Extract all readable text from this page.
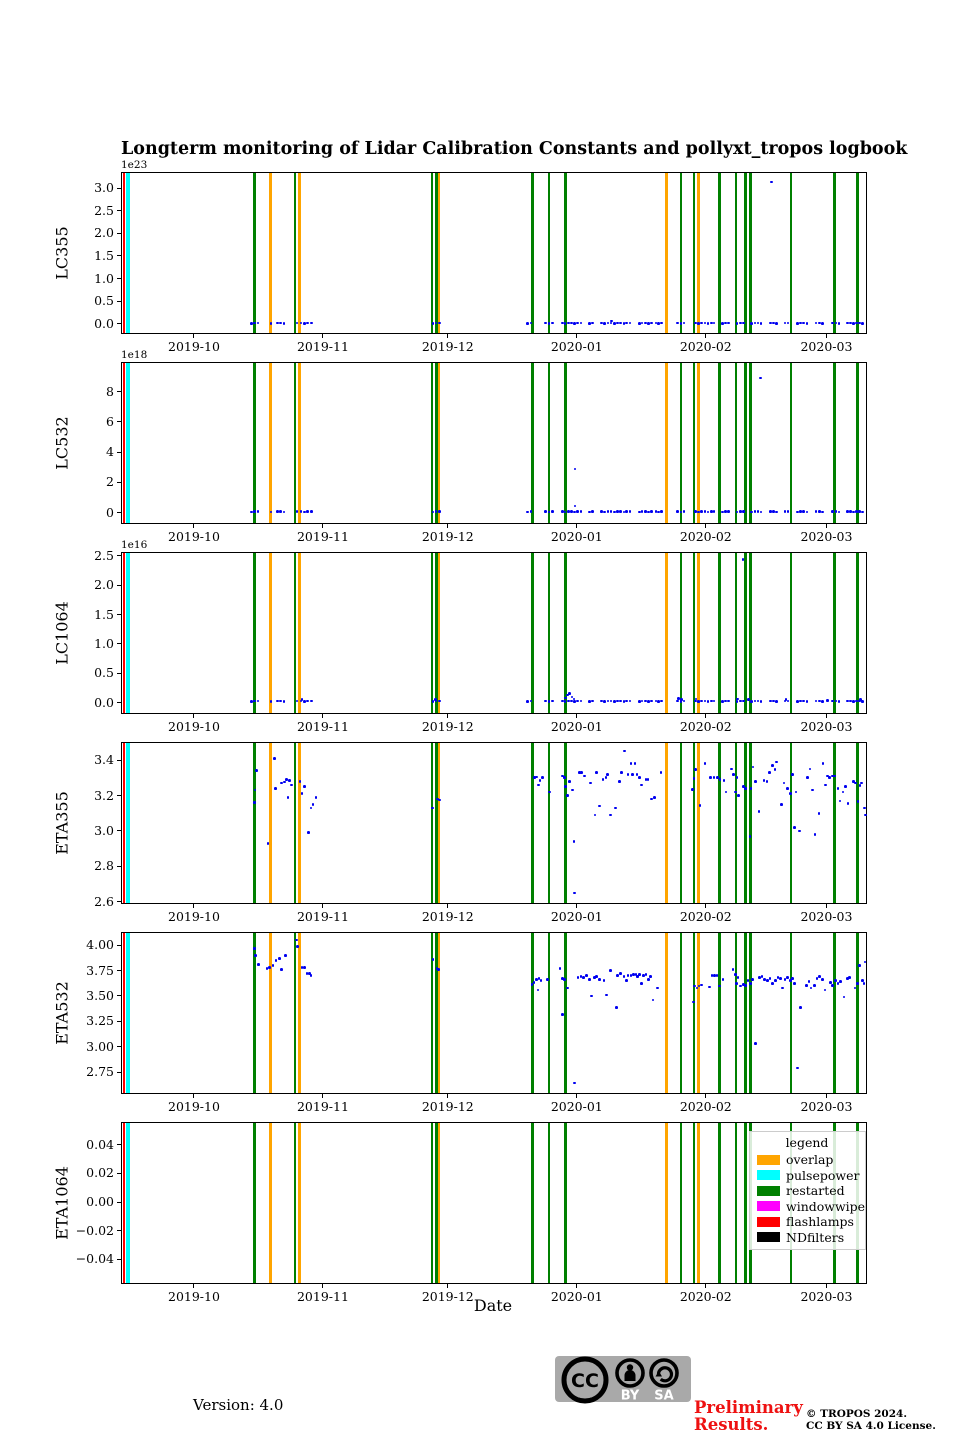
Longterm monitoring of Lidar Calibration Constants and pollyxt_tropos logbook
0.0
0.5
1.0
1.5
2.0
2.5
3.0
2019-10	2019-11	2019-12	2020-01	2020-02	2020-03
LC355
1e23
0
2
4
6
8
2019-10	2019-11	2019-12	2020-01	2020-02	2020-03
LC532
1e18
0.0
0.5
1.0
1.5
2.0
2.5
2019-10	2019-11	2019-12	2020-01	2020-02	2020-03
LC1064
1e16
2.6
2.8
3.0
3.2
3.4
2019-10	2019-11	2019-12	2020-01	2020-02	2020-03
ETA355
2.75
3.00
3.25
3.50
3.75
4.00
2019-10	2019-11	2019-12	2020-01	2020-02	2020-03
ETA532
−0.04
−0.02
0.00
0.02
0.04
2019-10	2019-11	2019-12	2020-01	2020-02	2020-03
ETA1064
legend
overlap
pulsepower
restarted
windowwipe
flashlamps
NDfilters
Date
Version: 4.0
CC
BY SA
Preliminary
Results.
© TROPOS 2024.
CC BY SA 4.0 License.
